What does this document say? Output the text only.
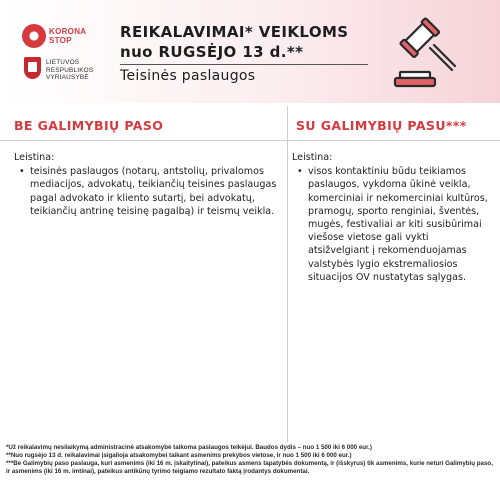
KORONA
STOP
LIETUVOS
RESPUBLIKOS
VYRIAUSYBĖ
REIKALAVIMAI* VEIKLOMS
nuo RUGSĖJO 13 d.**
Teisinės paslaugos
BE GALIMYBIŲ PASO	SU GALIMYBIŲ PASU***
Leistina:
• teisinės paslaugos (notarų, antstolių, privalomos mediacijos, advokatų, teikiančių teisines paslaugas pagal advokato ir kliento sutartį, bei advokatų, teikiančių antrinę teisinę pagalbą) ir teismų veikla.
Leistina:
• visos kontaktiniu būdu teikiamos paslaugos, vykdoma ūkinė veikla, komerciniai ir nekomerciniai kultūros, pramogų, sporto renginiai, šventės, mugės, festivaliai ar kiti susibūrimai viešose vietose gali vykti atsižvelgiant į rekomenduojamas valstybės lygio ekstremaliosios situacijos OV nustatytas sąlygas.

*Už reikalavimų nesilaikymą administracinė atsakomybė taikoma paslaugos teikėjui. Baudos dydis – nuo 1 500 iki 6 000 eur.)

**Nuo rugsėjo 13 d. reikalavimai įsigalioja atsakomybei taikant asmenims prekybos vietose, ir nuo 1 500 iki 6 000 eur.)

***Be Galimybių paso paslauga, kuri asmenims (iki 16 m. įskaitytinai), pateikus asmens tapatybės dokumentą, ir (išskyrus) tik asmenims, kurie neturi Galimybių paso, ir asmenims (iki 16 m. imtinai), pateikus antikūnų tyrimo teigiamo rezultato faktą įrodantys dokumentai.
